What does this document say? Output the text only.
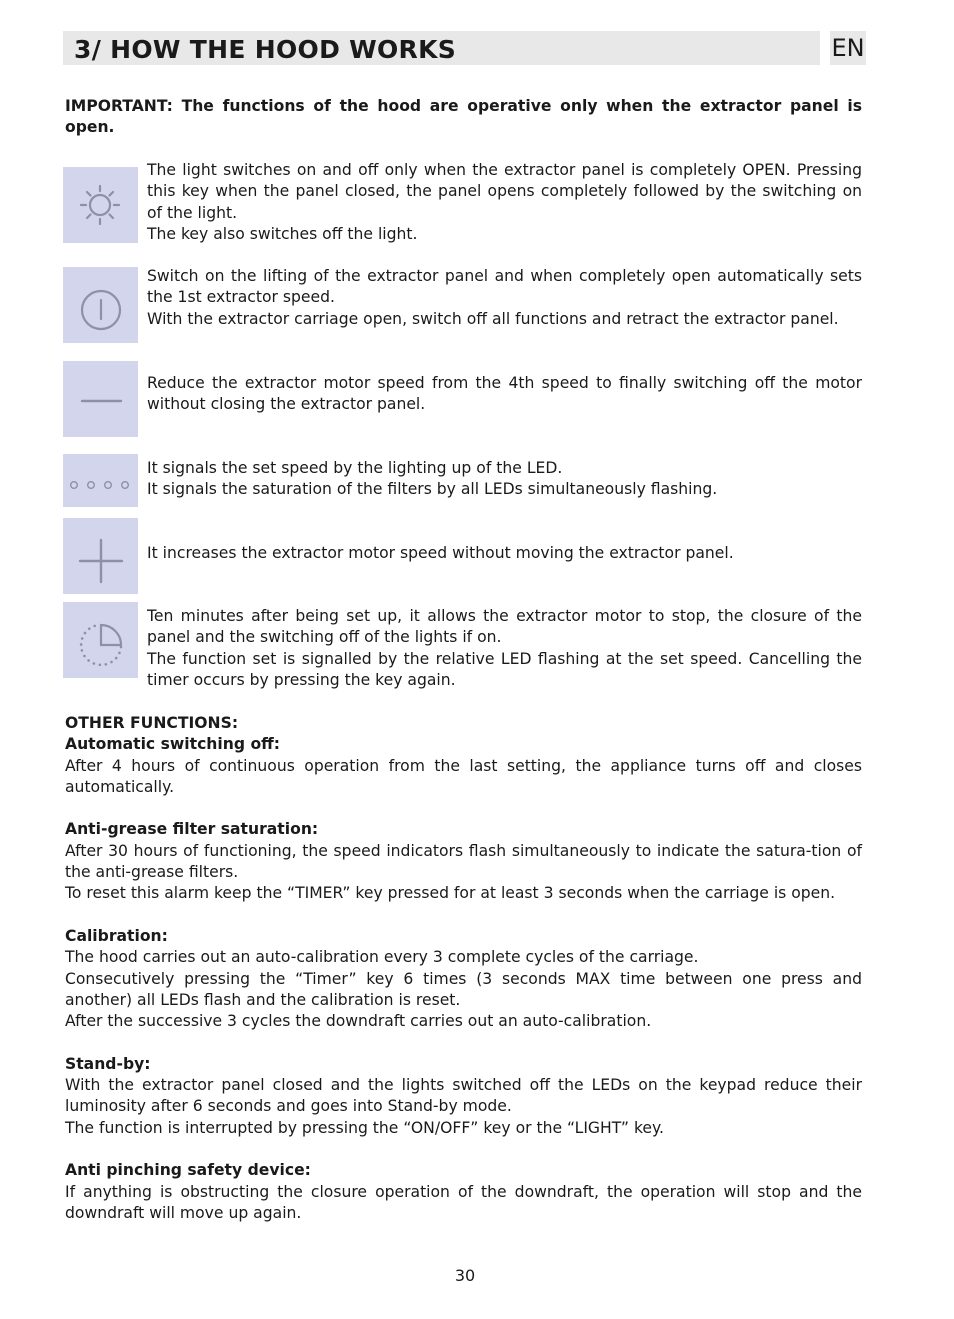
3/ HOW THE HOOD WORKS	EN
IMPORTANT: The functions of the hood are operative only when the extractor panel is open.

The light switches on and off only when the extractor panel is completely OPEN. Pressing this key when the panel closed, the panel opens completely followed by the switching on of the light.

The key also switches off the light.

Switch on the lifting of the extractor panel and when completely open automatically sets the 1st extractor speed.

With the extractor carriage open, switch off all functions and retract the extractor panel.

Reduce the extractor motor speed from the 4th speed to finally switching off the motor without closing the extractor panel.

It signals the set speed by the lighting up of the LED.

It signals the saturation of the filters by all LEDs simultaneously flashing.

It increases the extractor motor speed without moving the extractor panel.

Ten minutes after being set up, it allows the extractor motor to stop, the closure of the panel and the switching off of the lights if on.

The function set is signalled by the relative LED flashing at the set speed. Cancelling the timer occurs by pressing the key again.

OTHER FUNCTIONS:

Automatic switching off:

After 4 hours of continuous operation from the last setting, the appliance turns off and closes automatically.

Anti-grease filter saturation:

After 30 hours of functioning, the speed indicators flash simultaneously to indicate the satura-tion of the anti-grease filters.

To reset this alarm keep the “TIMER” key pressed for at least 3 seconds when the carriage is open.

Calibration:

The hood carries out an auto-calibration every 3 complete cycles of the carriage.

Consecutively pressing the “Timer” key 6 times (3 seconds MAX time between one press and another) all LEDs flash and the calibration is reset.

After the successive 3 cycles the downdraft carries out an auto-calibration.

Stand-by:

With the extractor panel closed and the lights switched off the LEDs on the keypad reduce their luminosity after 6 seconds and goes into Stand-by mode.

The function is interrupted by pressing the “ON/OFF” key or the “LIGHT” key.

Anti pinching safety device:

If anything is obstructing the closure operation of the downdraft, the operation will stop and the downdraft will move up again.

30
